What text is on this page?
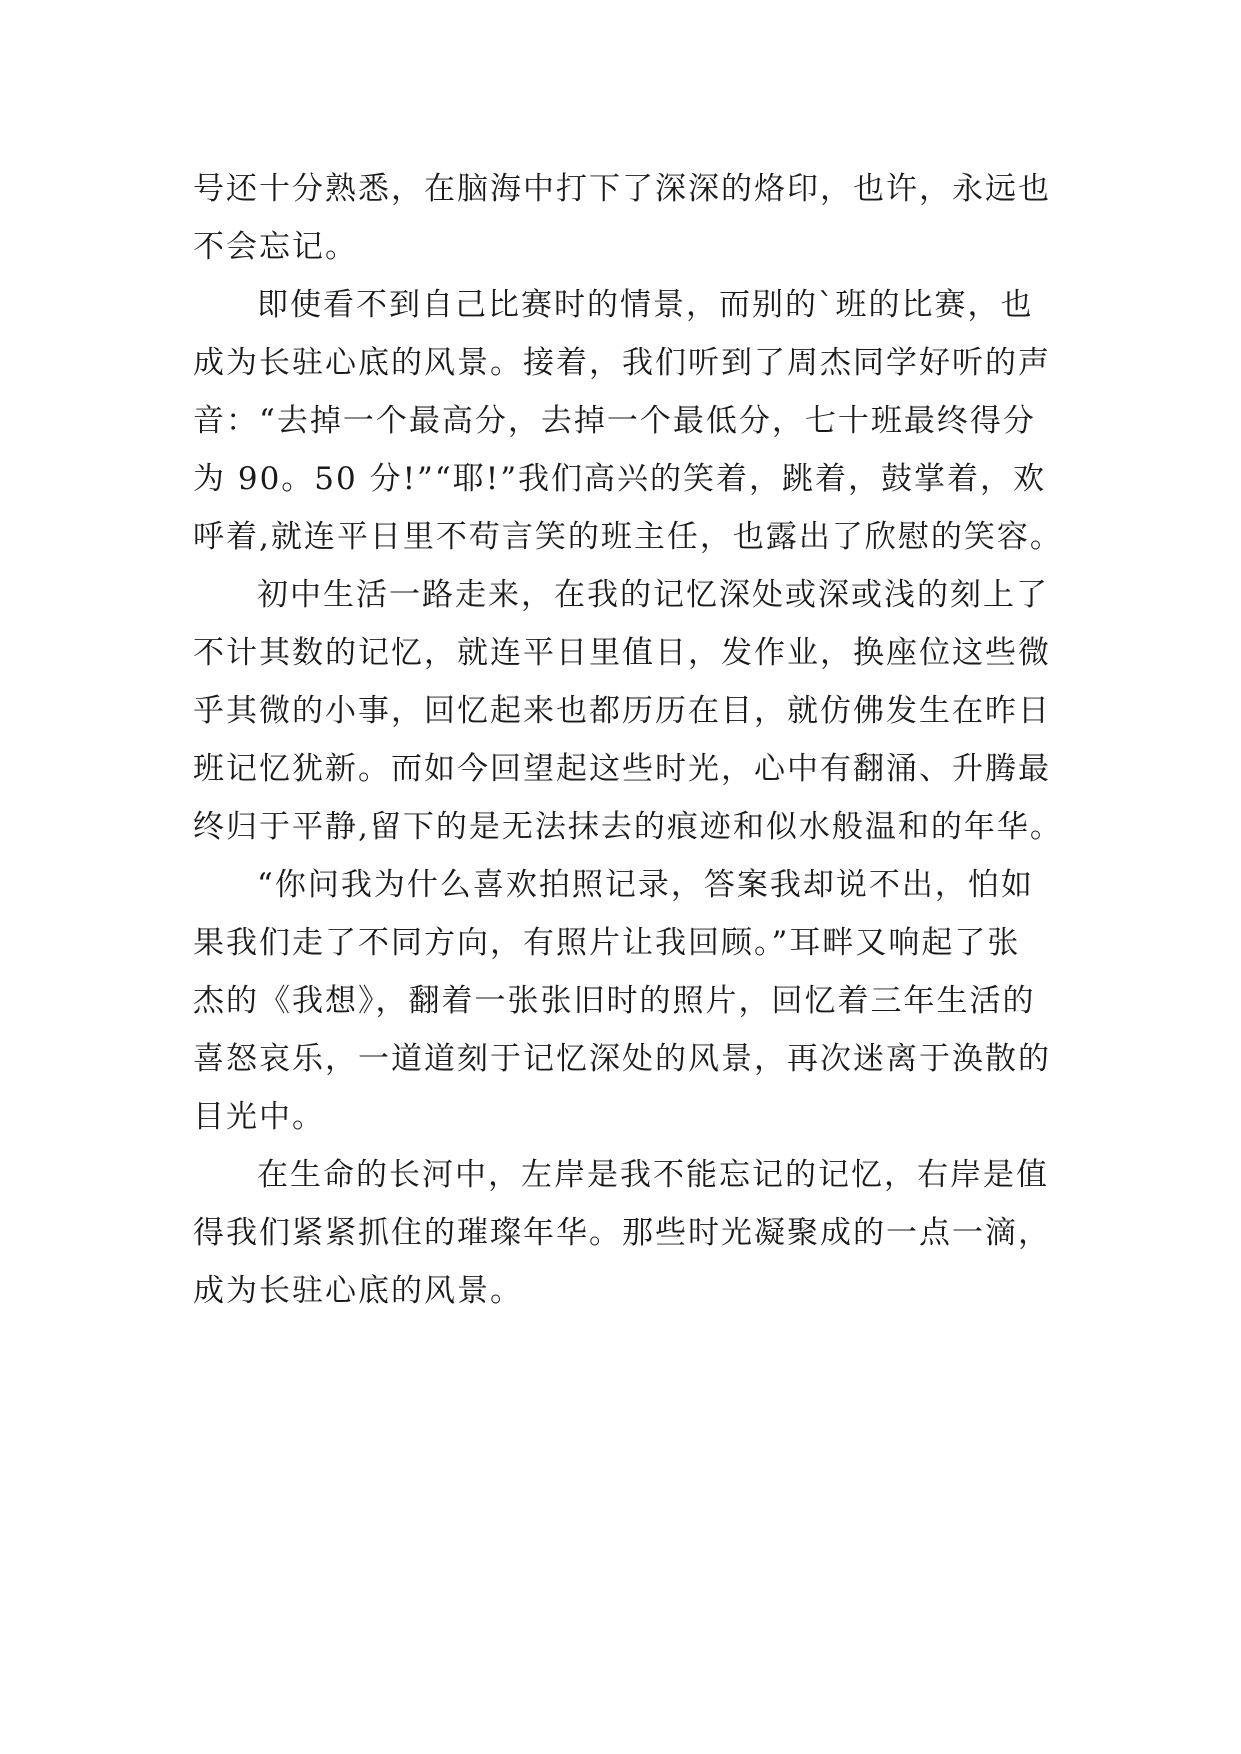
号还十分熟悉，在脑海中打下了深深的烙印，也许，永远也
不会忘记。
即使看不到自己比赛时的情景，而别的`班的比赛，也
成为长驻心底的风景。接着，我们听到了周杰同学好听的声
音：“去掉一个最高分，去掉一个最低分，七十班最终得分
为 90。50 分!”“耶!”我们高兴的笑着，跳着，鼓掌着，欢
呼着,就连平日里不苟言笑的班主任，也露出了欣慰的笑容。
初中生活一路走来，在我的记忆深处或深或浅的刻上了
不计其数的记忆，就连平日里值日，发作业，换座位这些微
乎其微的小事，回忆起来也都历历在目，就仿佛发生在昨日
班记忆犹新。而如今回望起这些时光，心中有翻涌、升腾最
终归于平静,留下的是无法抹去的痕迹和似水般温和的年华。
“你问我为什么喜欢拍照记录，答案我却说不出，怕如
果我们走了不同方向，有照片让我回顾。”耳畔又响起了张
杰的《我想》，翻着一张张旧时的照片，回忆着三年生活的
喜怒哀乐，一道道刻于记忆深处的风景，再次迷离于涣散的
目光中。
在生命的长河中，左岸是我不能忘记的记忆，右岸是值
得我们紧紧抓住的璀璨年华。那些时光凝聚成的一点一滴，
成为长驻心底的风景。
